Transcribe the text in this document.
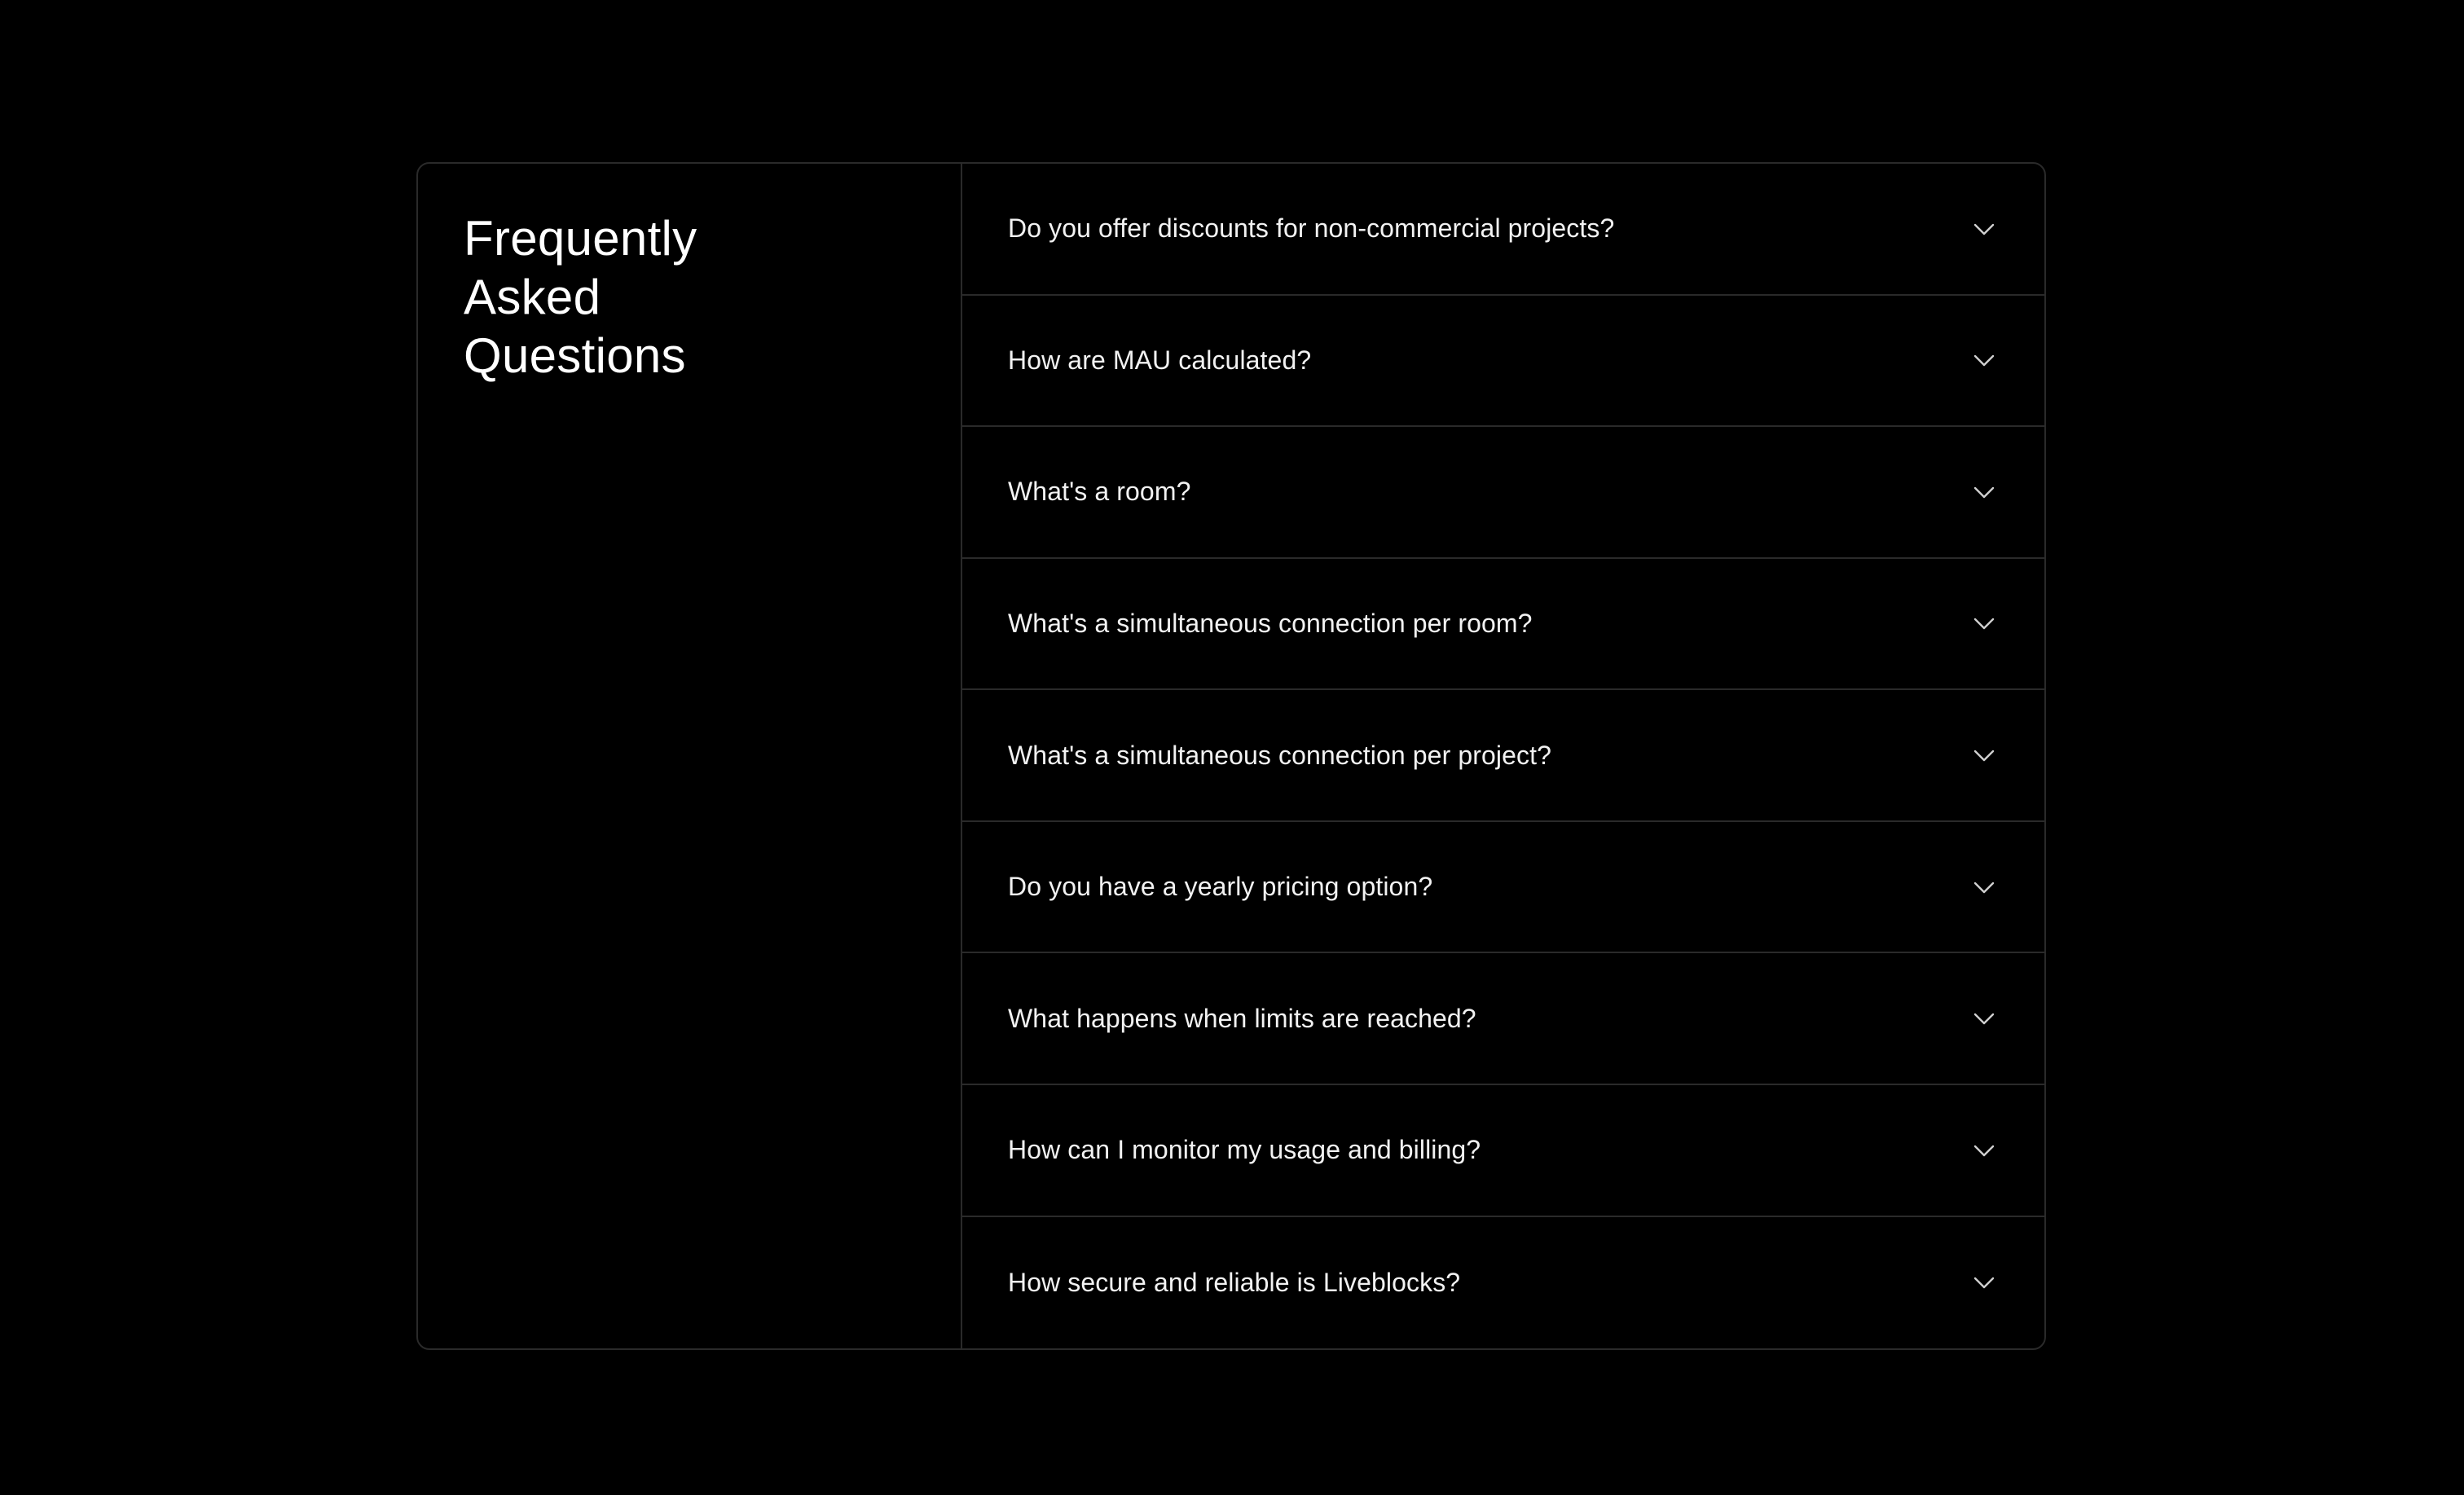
Frequently Asked Questions
Do you offer discounts for non-commercial projects?
How are MAU calculated?
What's a room?
What's a simultaneous connection per room?
What's a simultaneous connection per project?
Do you have a yearly pricing option?
What happens when limits are reached?
How can I monitor my usage and billing?
How secure and reliable is Liveblocks?
